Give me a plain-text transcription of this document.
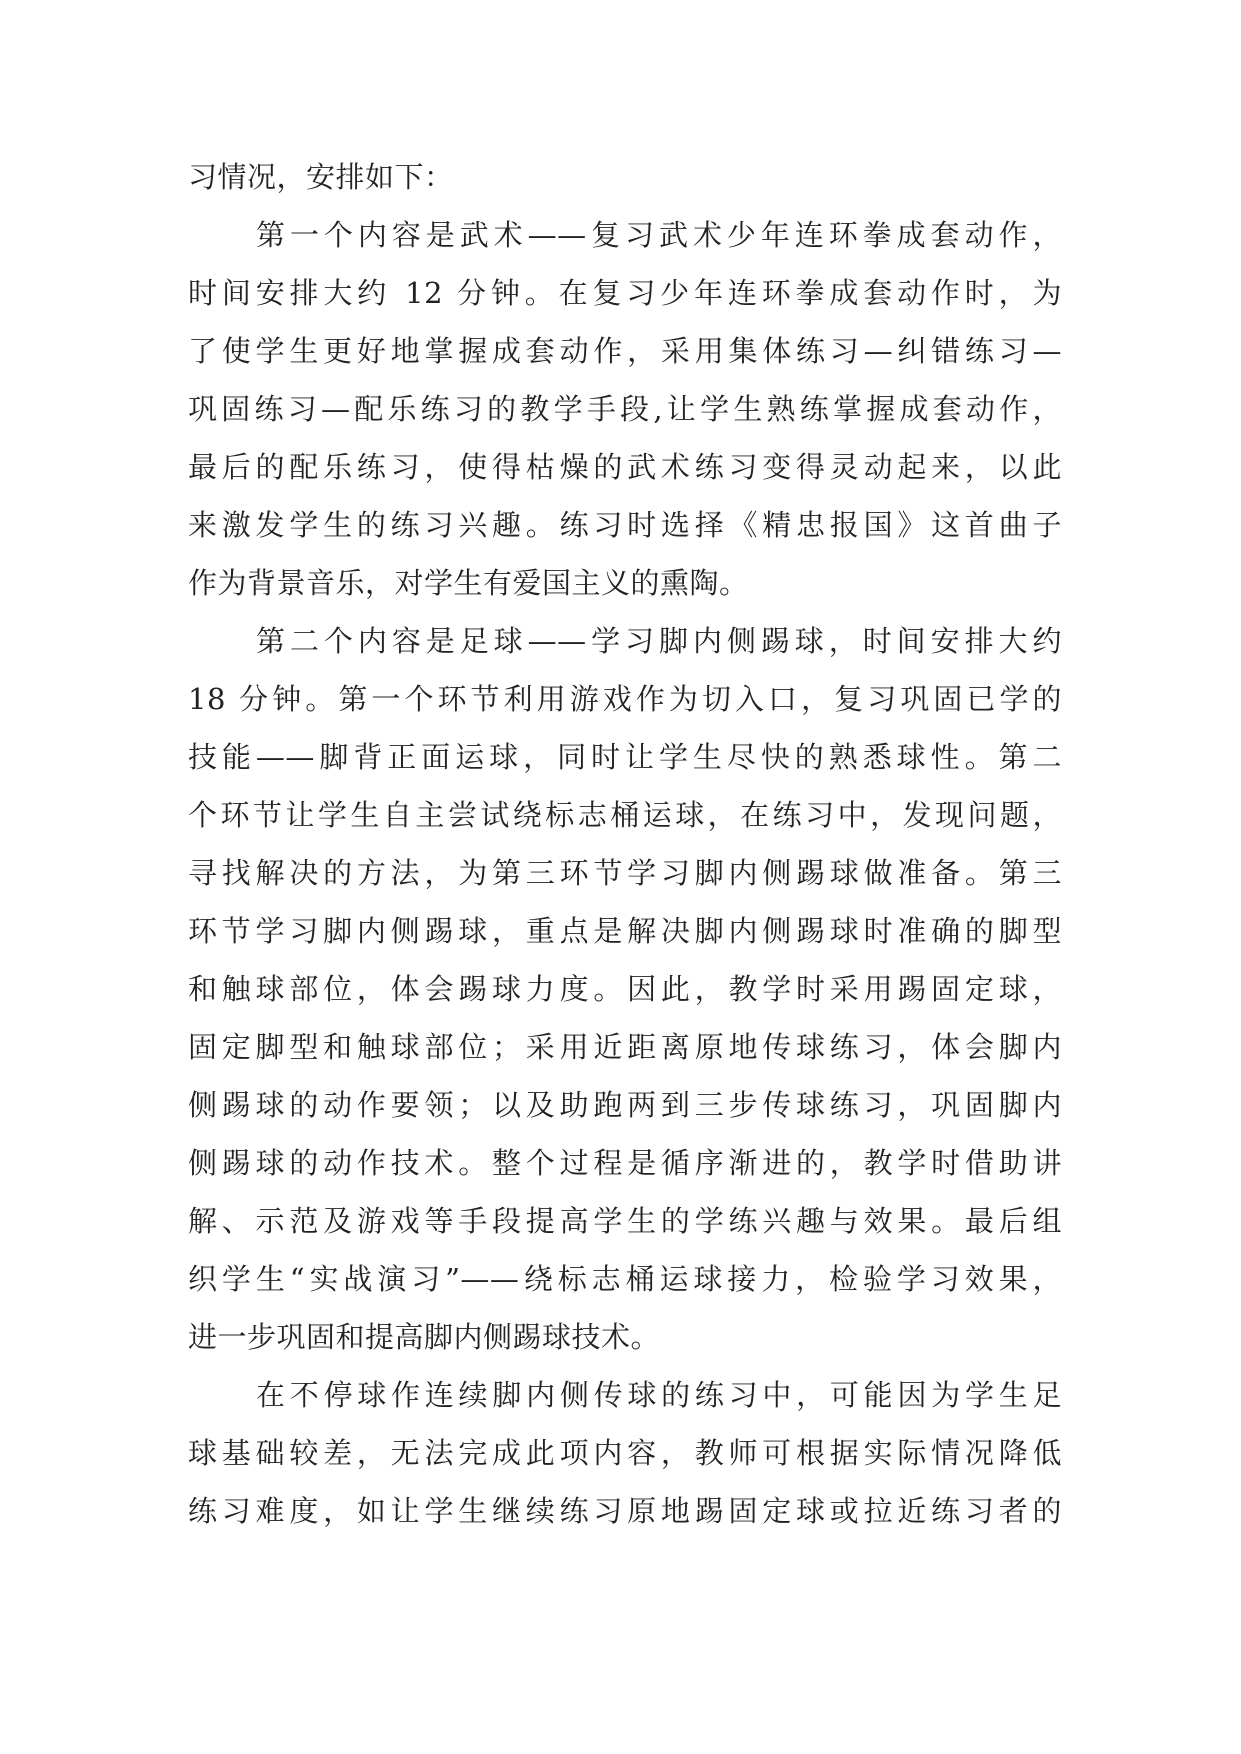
习情况，安排如下：
第一个内容是武术——复习武术少年连环拳成套动作，
时间安排大约 12 分钟。在复习少年连环拳成套动作时，为
了使学生更好地掌握成套动作，采用集体练习—纠错练习—
巩固练习—配乐练习的教学手段,让学生熟练掌握成套动作，
最后的配乐练习，使得枯燥的武术练习变得灵动起来，以此
来激发学生的练习兴趣。练习时选择《精忠报国》这首曲子
作为背景音乐，对学生有爱国主义的熏陶。
第二个内容是足球——学习脚内侧踢球，时间安排大约
18 分钟。第一个环节利用游戏作为切入口，复习巩固已学的
技能——脚背正面运球，同时让学生尽快的熟悉球性。第二
个环节让学生自主尝试绕标志桶运球，在练习中，发现问题，
寻找解决的方法，为第三环节学习脚内侧踢球做准备。第三
环节学习脚内侧踢球，重点是解决脚内侧踢球时准确的脚型
和触球部位，体会踢球力度。因此，教学时采用踢固定球，
固定脚型和触球部位；采用近距离原地传球练习，体会脚内
侧踢球的动作要领；以及助跑两到三步传球练习，巩固脚内
侧踢球的动作技术。整个过程是循序渐进的，教学时借助讲
解、示范及游戏等手段提高学生的学练兴趣与效果。最后组
织学生“实战演习”——绕标志桶运球接力，检验学习效果，
进一步巩固和提高脚内侧踢球技术。
在不停球作连续脚内侧传球的练习中，可能因为学生足
球基础较差，无法完成此项内容，教师可根据实际情况降低
练习难度，如让学生继续练习原地踢固定球或拉近练习者的
